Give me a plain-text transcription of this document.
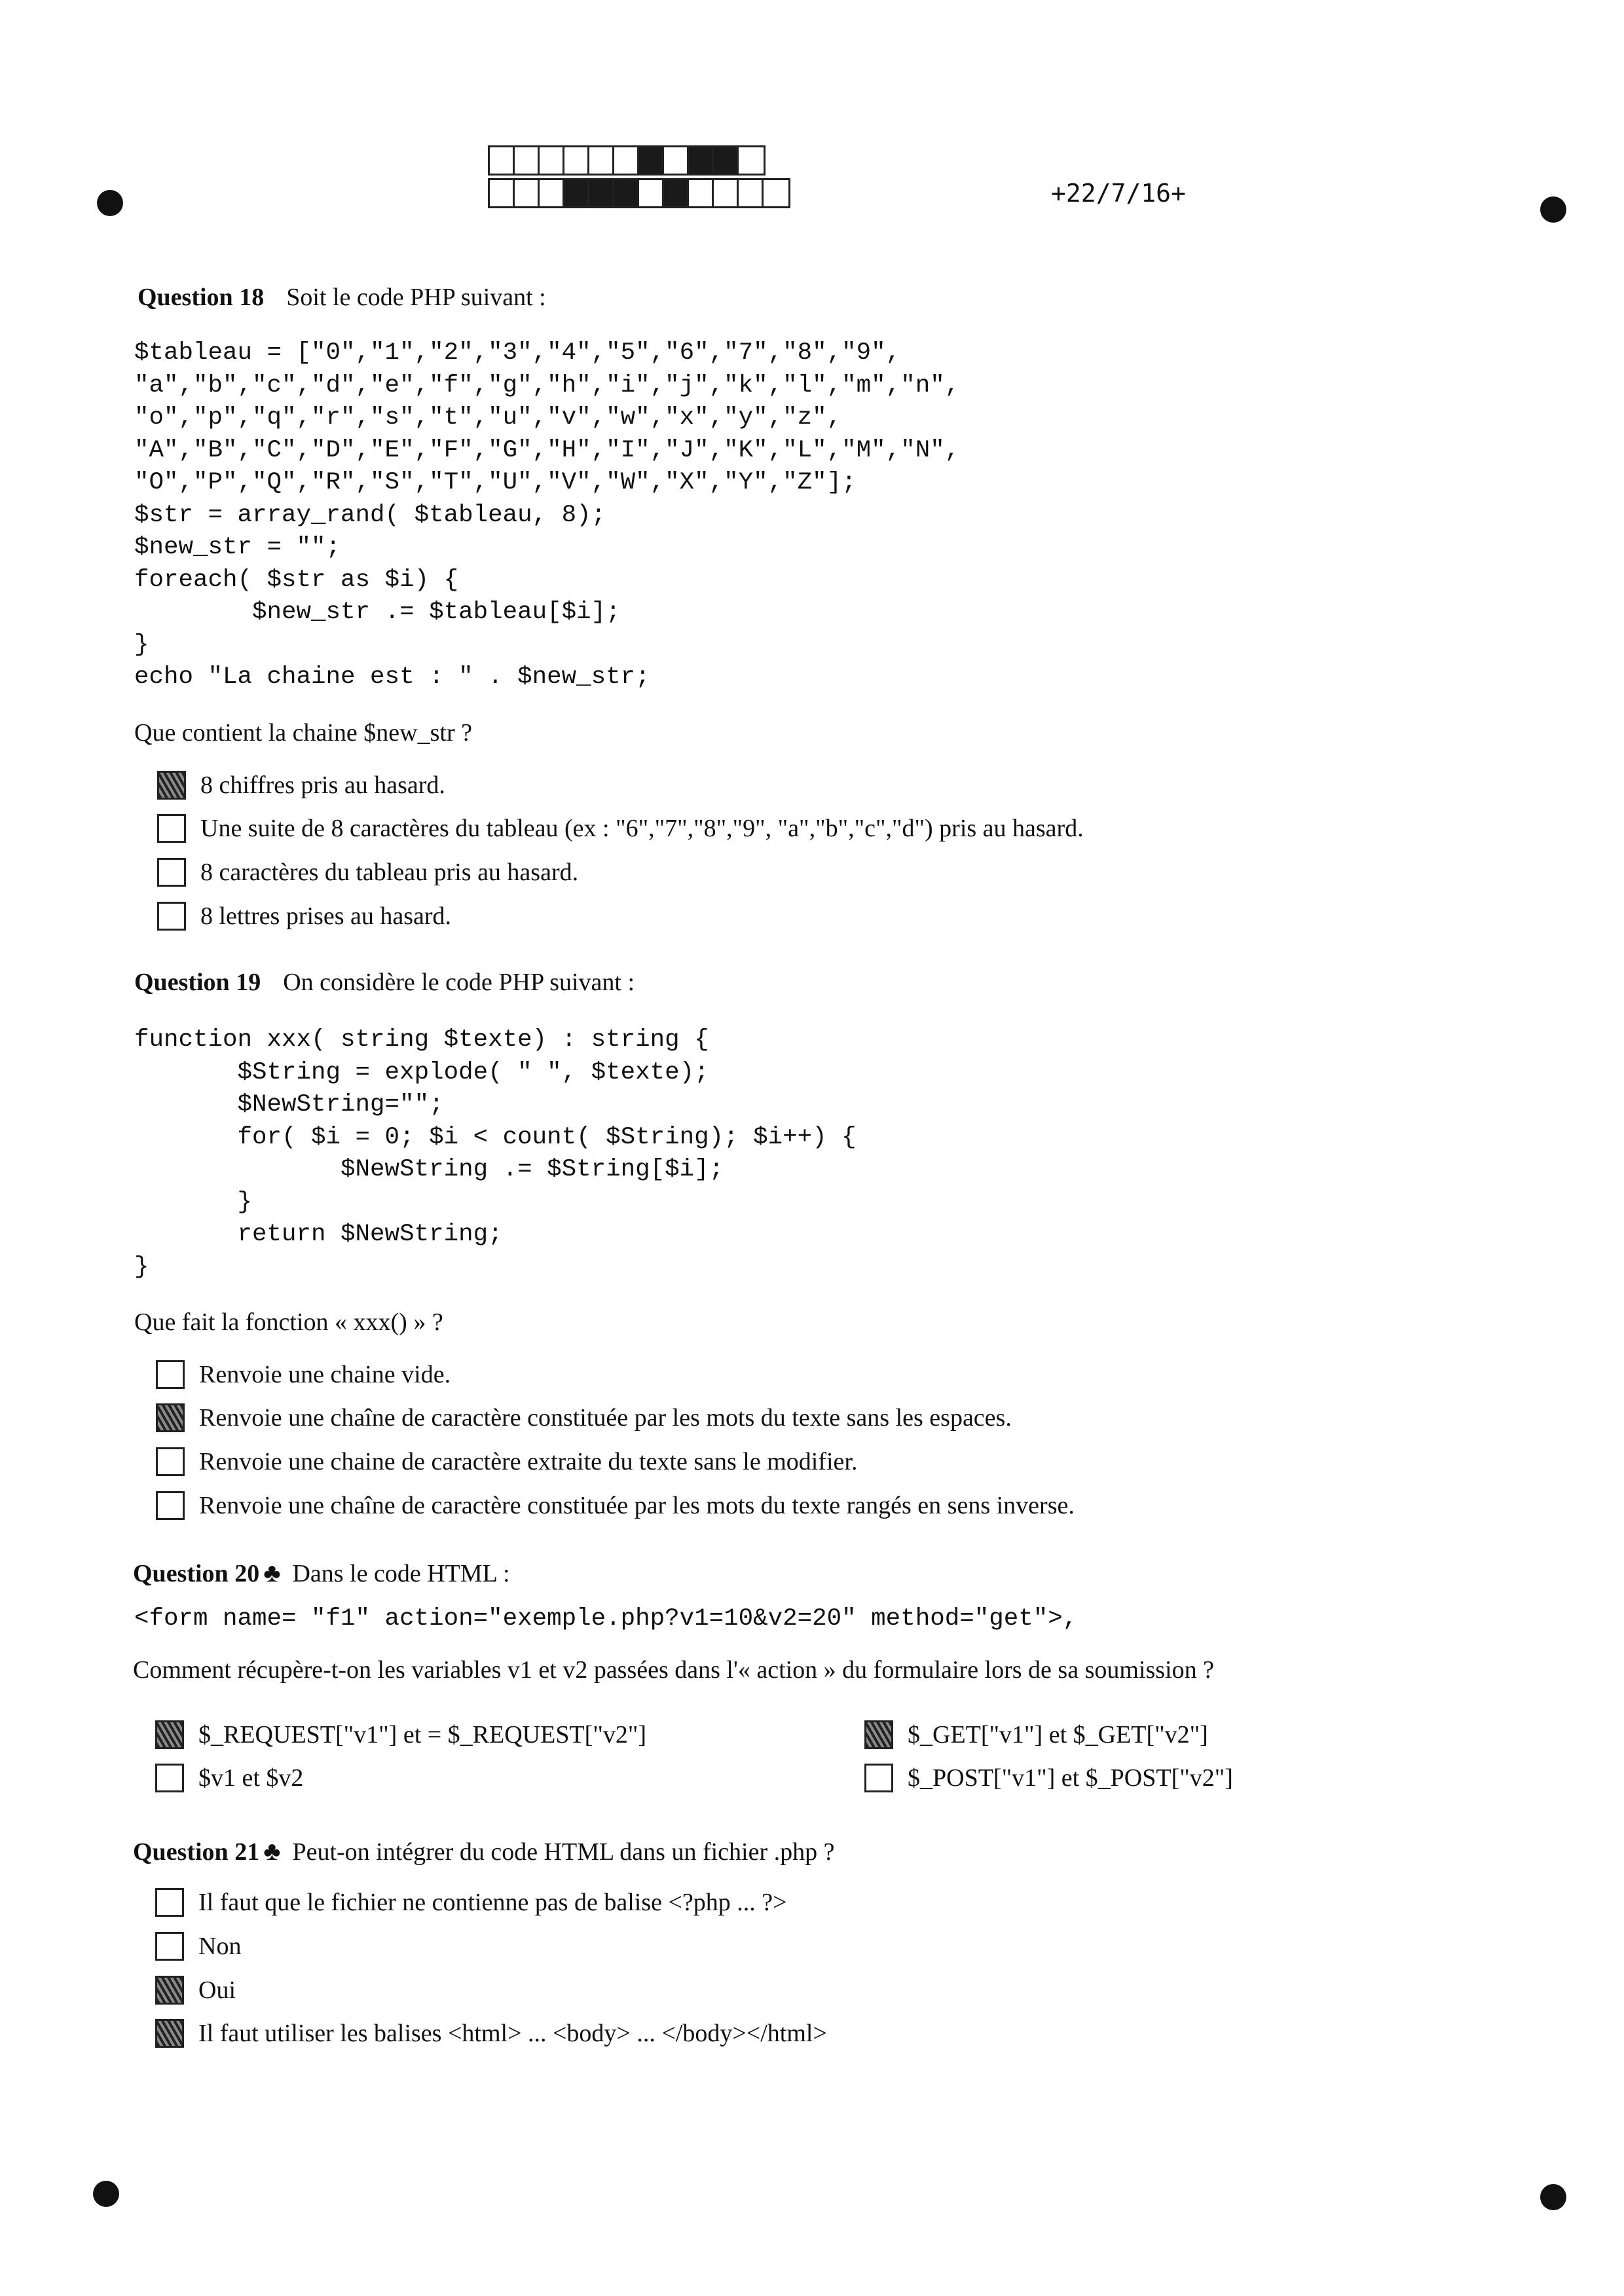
+22/7/16+
Question 18 Soit le code PHP suivant :
$tableau = ["0","1","2","3","4","5","6","7","8","9",
"a","b","c","d","e","f","g","h","i","j","k","l","m","n",
"o","p","q","r","s","t","u","v","w","x","y","z",
"A","B","C","D","E","F","G","H","I","J","K","L","M","N",
"O","P","Q","R","S","T","U","V","W","X","Y","Z"];
$str = array_rand( $tableau, 8);
$new_str = "";
foreach( $str as $i) {
$new_str .= $tableau[$i];
}
echo "La chaine est : " . $new_str;
Que contient la chaine $new_str ?
8 chiffres pris au hasard.
Une suite de 8 caractères du tableau (ex : "6","7","8","9", "a","b","c","d") pris au hasard.
8 caractères du tableau pris au hasard.
8 lettres prises au hasard.
Question 19 On considère le code PHP suivant :
function xxx( string $texte) : string {
$String = explode( " ", $texte);
$NewString="";
for( $i = 0; $i < count( $String); $i++) {
$NewString .= $String[$i];
}
return $NewString;
}
Que fait la fonction « xxx() » ?
Renvoie une chaine vide.
Renvoie une chaîne de caractère constituée par les mots du texte sans les espaces.
Renvoie une chaine de caractère extraite du texte sans le modifier.
Renvoie une chaîne de caractère constituée par les mots du texte rangés en sens inverse.
Question 20 ♣ Dans le code HTML :
<form name= "f1" action="exemple.php?v1=10&v2=20" method="get">,
Comment récupère-t-on les variables v1 et v2 passées dans l'« action » du formulaire lors de sa soumission ?
$_REQUEST["v1"] et = $_REQUEST["v2"]	$_GET["v1"] et $_GET["v2"]
$v1 et $v2	$_POST["v1"] et $_POST["v2"]
Question 21 ♣ Peut-on intégrer du code HTML dans un fichier .php ?
Il faut que le fichier ne contienne pas de balise <?php ... ?>
Non
Oui
Il faut utiliser les balises <html> ... <body> ... </body></html>
